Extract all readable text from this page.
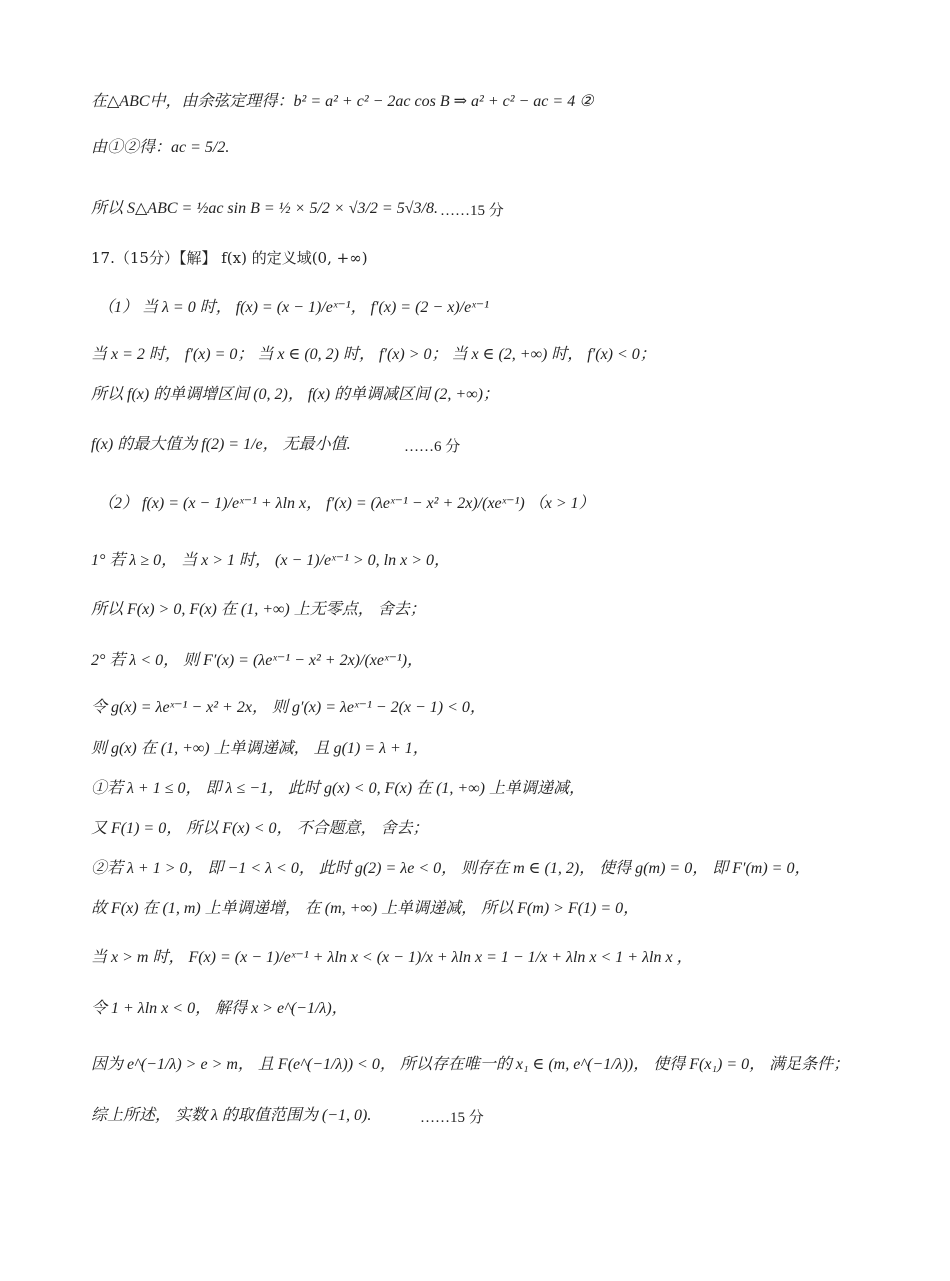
在△ABC中，由余弦定理得：b² = a² + c² − 2ac cos B ⇒ a² + c² − ac = 4 ②
由①②得：ac = 5/2.
所以 S△ABC = ½ac sin B = ½ × 5/2 × √3/2 = 5√3/8. ……15 分
17.（15分）【解】 f(x) 的定义域(0, +∞)
（1） 当 λ = 0 时， f(x) = (x − 1)/eˣ⁻¹， f′(x) = (2 − x)/eˣ⁻¹
当 x = 2 时， f′(x) = 0； 当 x ∈ (0, 2) 时， f′(x) > 0； 当 x ∈ (2, +∞) 时， f′(x) < 0；
所以 f(x) 的单调增区间 (0, 2)， f(x) 的单调减区间 (2, +∞)；
f(x) 的最大值为 f(2) = 1/e， 无最小值.	……6 分
（2） f(x) = (x − 1)/eˣ⁻¹ + λln x， f′(x) = (λeˣ⁻¹ − x² + 2x)/(xeˣ⁻¹) （x > 1）
1° 若 λ ≥ 0， 当 x > 1 时， (x − 1)/eˣ⁻¹ > 0, ln x > 0，
所以 F(x) > 0, F(x) 在 (1, +∞) 上无零点， 舍去；
2° 若 λ < 0， 则 F′(x) = (λeˣ⁻¹ − x² + 2x)/(xeˣ⁻¹)，
令 g(x) = λeˣ⁻¹ − x² + 2x， 则 g′(x) = λeˣ⁻¹ − 2(x − 1) < 0，
则 g(x) 在 (1, +∞) 上单调递减， 且 g(1) = λ + 1，
①若 λ + 1 ≤ 0， 即 λ ≤ −1， 此时 g(x) < 0, F(x) 在 (1, +∞) 上单调递减，
又 F(1) = 0， 所以 F(x) < 0， 不合题意， 舍去；
②若 λ + 1 > 0， 即 −1 < λ < 0， 此时 g(2) = λe < 0， 则存在 m ∈ (1, 2)， 使得 g(m) = 0， 即 F′(m) = 0，
故 F(x) 在 (1, m) 上单调递增， 在 (m, +∞) 上单调递减， 所以 F(m) > F(1) = 0，
当 x > m 时， F(x) = (x − 1)/eˣ⁻¹ + λln x < (x − 1)/x + λln x = 1 − 1/x + λln x < 1 + λln x ，
令 1 + λln x < 0， 解得 x > e^(−1/λ)，
因为 e^(−1/λ) > e > m， 且 F(e^(−1/λ)) < 0， 所以存在唯一的 x₁ ∈ (m, e^(−1/λ))， 使得 F(x₁) = 0， 满足条件；
综上所述， 实数 λ 的取值范围为 (−1, 0).	……15 分
